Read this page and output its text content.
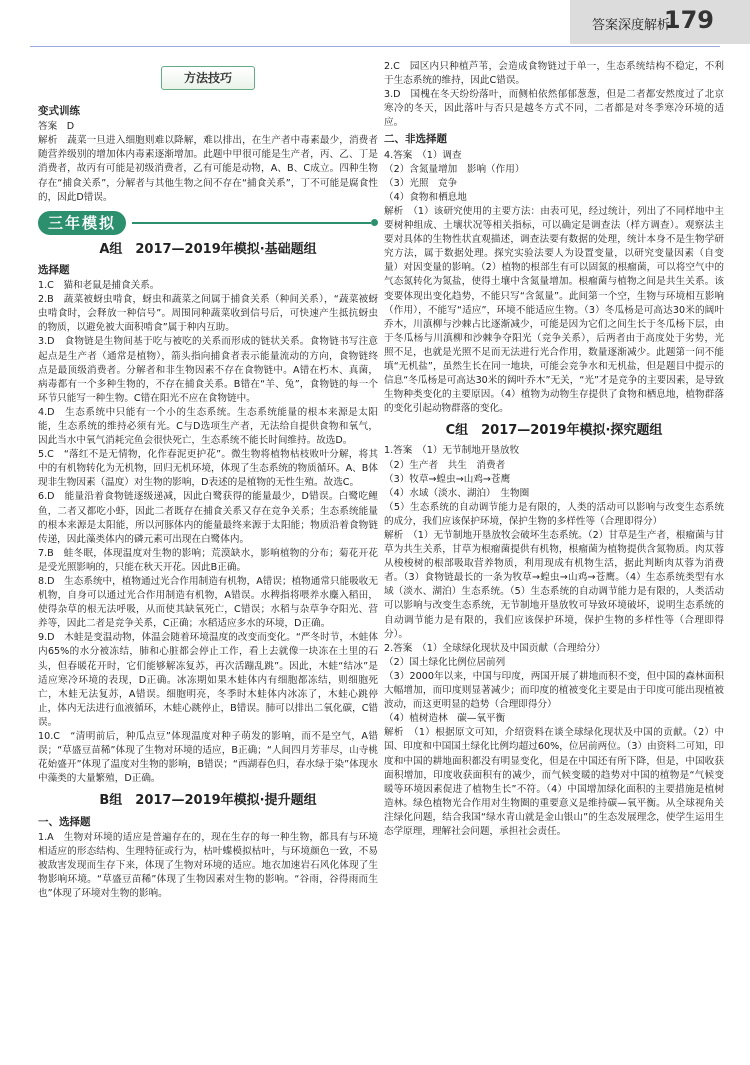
答案深度解析
179
方法技巧

变式训练

答案　D

解析　蔬菜一旦进入细胞则难以降解，难以排出，在生产者中毒素最少，消费者随营养级别的增加体内毒素逐渐增加。此题中甲很可能是生产者，丙、乙、丁是消费者，故丙有可能是初级消费者，乙有可能是动物，A、B、C成立。四种生物存在“捕食关系”，分解者与其他生物之间不存在“捕食关系”，丁不可能是腐食性的，因此D错误。

三年模拟
A组　2017—2019年模拟·基础题组

选择题

1.C　猫和老鼠是捕食关系。

2.B　蔬菜被蚜虫啃食，蚜虫和蔬菜之间属于捕食关系（种间关系），“蔬菜被蚜虫啃食时，会释放一种信号”。周围同种蔬菜收到信号后，可快速产生抵抗蚜虫的物质，以避免被大面积啃食”属于种内互助。

3.D　食物链是生物间基于吃与被吃的关系而形成的链状关系。食物链书写注意起点是生产者（通常是植物），箭头指向捕食者表示能量流动的方向，食物链终点是最顶级消费者。分解者和非生物因素不存在食物链中。A错在朽木、真菌，病毒都有一个多种生物的，不存在捕食关系。B错在“羊、兔”，食物链的每一个环节只能写一种生物。C错在阳光不应在食物链中。

4.D　生态系统中只能有一个小的生态系统。生态系统能量的根本来源是太阳能，生态系统的维持必须有光。C与D选项生产者，无法给自提供食物和氧气，因此当水中氧气消耗完鱼会很快死亡，生态系统不能长时间维持。故选D。

5.C　“落红不是无情物，化作春泥更护花”。微生物将植物枯枝败叶分解，将其中的有机物转化为无机物，回归无机环境，体现了生态系统的物质循环。A、B体现非生物因素（温度）对生物的影响，D表述的是植物的无性生殖。故选C。

6.D　能量沿着食物链逐级递减，因此白鹭获得的能量最少，D错误。白鹭吃鲤鱼，二者又都吃小虾，因此二者既存在捕食关系又存在竞争关系；生态系统能量的根本来源是太阳能，所以河豚体内的能量最终来源于太阳能；物质沿着食物链传递，因此藻类体内的磷元素可出现在白鹭体内。

7.B　蛙冬眠，体现温度对生物的影响；荒漠缺水，影响植物的分布；菊花开花是受光照影响的，只能在秋天开花。因此B正确。

8.D　生态系统中，植物通过光合作用制造有机物，A错误；植物通常只能吸收无机物，自身可以通过光合作用制造有机物，A错误。水稗指将喂养水麋入稻田，使得杂草的根无法呼吸，从而使其缺氧死亡，C错误；水稻与杂草争夺阳光、营养等，因此二者是竞争关系，C正确；水稻适应多水的环境，D正确。

9.D　木蛙是变温动物，体温会随着环境温度的改变而变化。“严冬时节，木蛙体内65%的水分被冻结，肺和心脏都会停止工作，看上去就像一块冻在土里的石头，但春暖花开时，它们能够解冻复苏，再次活蹦乱跳”。因此，木蛙“结冰”是适应寒冷环境的表现，D正确。冰冻期如果木蛙体内有细胞都冻结，则细胞死亡，木蛙无法复苏，A错误。细胞明亮，冬季时木蛙体内冰冻了，木蛙心跳停止，体内无法进行血液循环，木蛙心跳停止，B错误。肺可以排出二氧化碳，C错误。

10.C　“清明前后，种瓜点豆”体现温度对种子萌发的影响，而不是空气，A错误；“草盛豆苗稀”体现了生物对环境的适应，B正确；“人间四月芳菲尽，山寺桃花始盛开”体现了温度对生物的影响，B错误；“西湖春色归，春水绿于染”体现水中藻类的大量繁殖，D正确。

B组　2017—2019年模拟·提升题组

一、选择题

1.A　生物对环境的适应是普遍存在的，现在生存的每一种生物，都具有与环境相适应的形态结构、生理特征或行为，枯叶蝶模拟枯叶，与环境颜色一致，不易被敌害发现而生存下来，体现了生物对环境的适应。地衣加速岩石风化体现了生物影响环境。“草盛豆苗稀”体现了生物因素对生物的影响。“谷雨，谷得雨而生也”体现了环境对生物的影响。

2.C　园区内只种植芦苇，会造成食物链过于单一，生态系统结构不稳定，不利于生态系统的维持，因此C错误。

3.D　国槐在冬天纷纷落叶，而侧柏依然郁郁葱葱，但是二者都安然度过了北京寒冷的冬天，因此落叶与否只是越冬方式不同，二者都是对冬季寒冷环境的适应。

二、非选择题

4.答案　（1）调查

（2）含氮量增加　影响（作用）

（3）光照　竞争

（4）食物和栖息地

解析　（1）该研究使用的主要方法：由表可见，经过统计，列出了不同样地中主要树种组成、土壤状况等相关指标，可以确定是调查法（样方调查）。观察法主要对具体的生物性状直观描述，调查法要有数据的处理，统计本身不是生物学研究方法，属于数据处理。探究实验法要人为设置变量，以研究变量因素（自变量）对因变量的影响。（2）植物的根部生有可以固氮的根瘤菌，可以将空气中的气态氮转化为氮盐，使得土壤中含氮量增加。根瘤菌与植物之间是共生关系。该变要体现出变化趋势，不能只写“含氮量”。此间第一个空，生物与环境相互影响（作用），不能写“适应”，环境不能适应生物。（3）冬瓜杨是可高达30米的阔叶乔木，川滇柳与沙棘占比逐渐减少，可能是因为它们之间生长于冬瓜杨下层，由于冬瓜杨与川滇柳和沙棘争夺阳光（竞争关系），后两者由于高度处于劣势，光照不足，也就是光照不足而无法进行光合作用，数量逐渐减少。此题第一问不能填“无机盐”，虽然生长在同一地块，可能会竞争水和无机盐，但是题目中提示的信息“冬瓜杨是可高达30米的阔叶乔木”无关，“光”才是竞争的主要因素，是导致生物种类变化的主要原因。（4）植物为动物生存提供了食物和栖息地，植物群落的变化引起动物群落的变化。

C组　2017—2019年模拟·探究题组

1.答案　（1）无节制地开垦放牧

（2）生产者　共生　消费者

（3）牧草→蝗虫→山鸡→苍鹰

（4）水域（淡水、湖泊）　生物圈

（5）生态系统的自动调节能力是有限的，人类的活动可以影响与改变生态系统的成分，我们应该保护环境，保护生物的多样性等（合理即得分）

解析　（1）无节制地开垦放牧会破坏生态系统。（2）甘草是生产者，根瘤菌与甘草为共生关系，甘草为根瘤菌提供有机物，根瘤菌为植物提供含氮物质。肉苁蓉从梭梭树的根部吸取营养物质，利用现成有机物生活，据此判断肉苁蓉为消费者。（3）食物链最长的一条为牧草→蝗虫→山鸡→苍鹰。（4）生态系统类型有水域（淡水、湖泊）生态系统。（5）生态系统的自动调节能力是有限的，人类活动可以影响与改变生态系统，无节制地开垦放牧可导致环境破坏，说明生态系统的自动调节能力是有限的，我们应该保护环境，保护生物的多样性等（合理即得分）。

2.答案　（1）全球绿化现状及中国贡献（合理给分）

（2）国土绿化比例位居前列

（3）2000年以来，中国与印度，两国开展了耕地而积不变，但中国的森林面积大幅增加，而印度则显著减少；而印度的植被变化主要是由于印度可能出现植被波动，而这更明显的趋势（合理即得分）

（4）植树造林　碳—氧平衡

解析　（1）根据原文可知，介绍资料在谈全球绿化现状及中国的贡献。（2）中国、印度和中国国土绿化比例均超过60%，位居前两位。（3）由资料二可知，印度和中国的耕地面积都没有明显变化，但是在中国还有所下降，但是，中国收获面积增加，印度收获面积有的减少，而气候变暖的趋势对中国的植物是“气候变暖等环境因素促进了植物生长”不符。（4）中国增加绿化面积的主要措施是植树造林。绿色植物光合作用对生物圈的重要意义是维持碳—氧平衡。从全球视角关注绿化问题，结合我国“绿水青山就是金山银山”的生态发展理念，使学生运用生态学原理，理解社会问题，承担社会责任。
